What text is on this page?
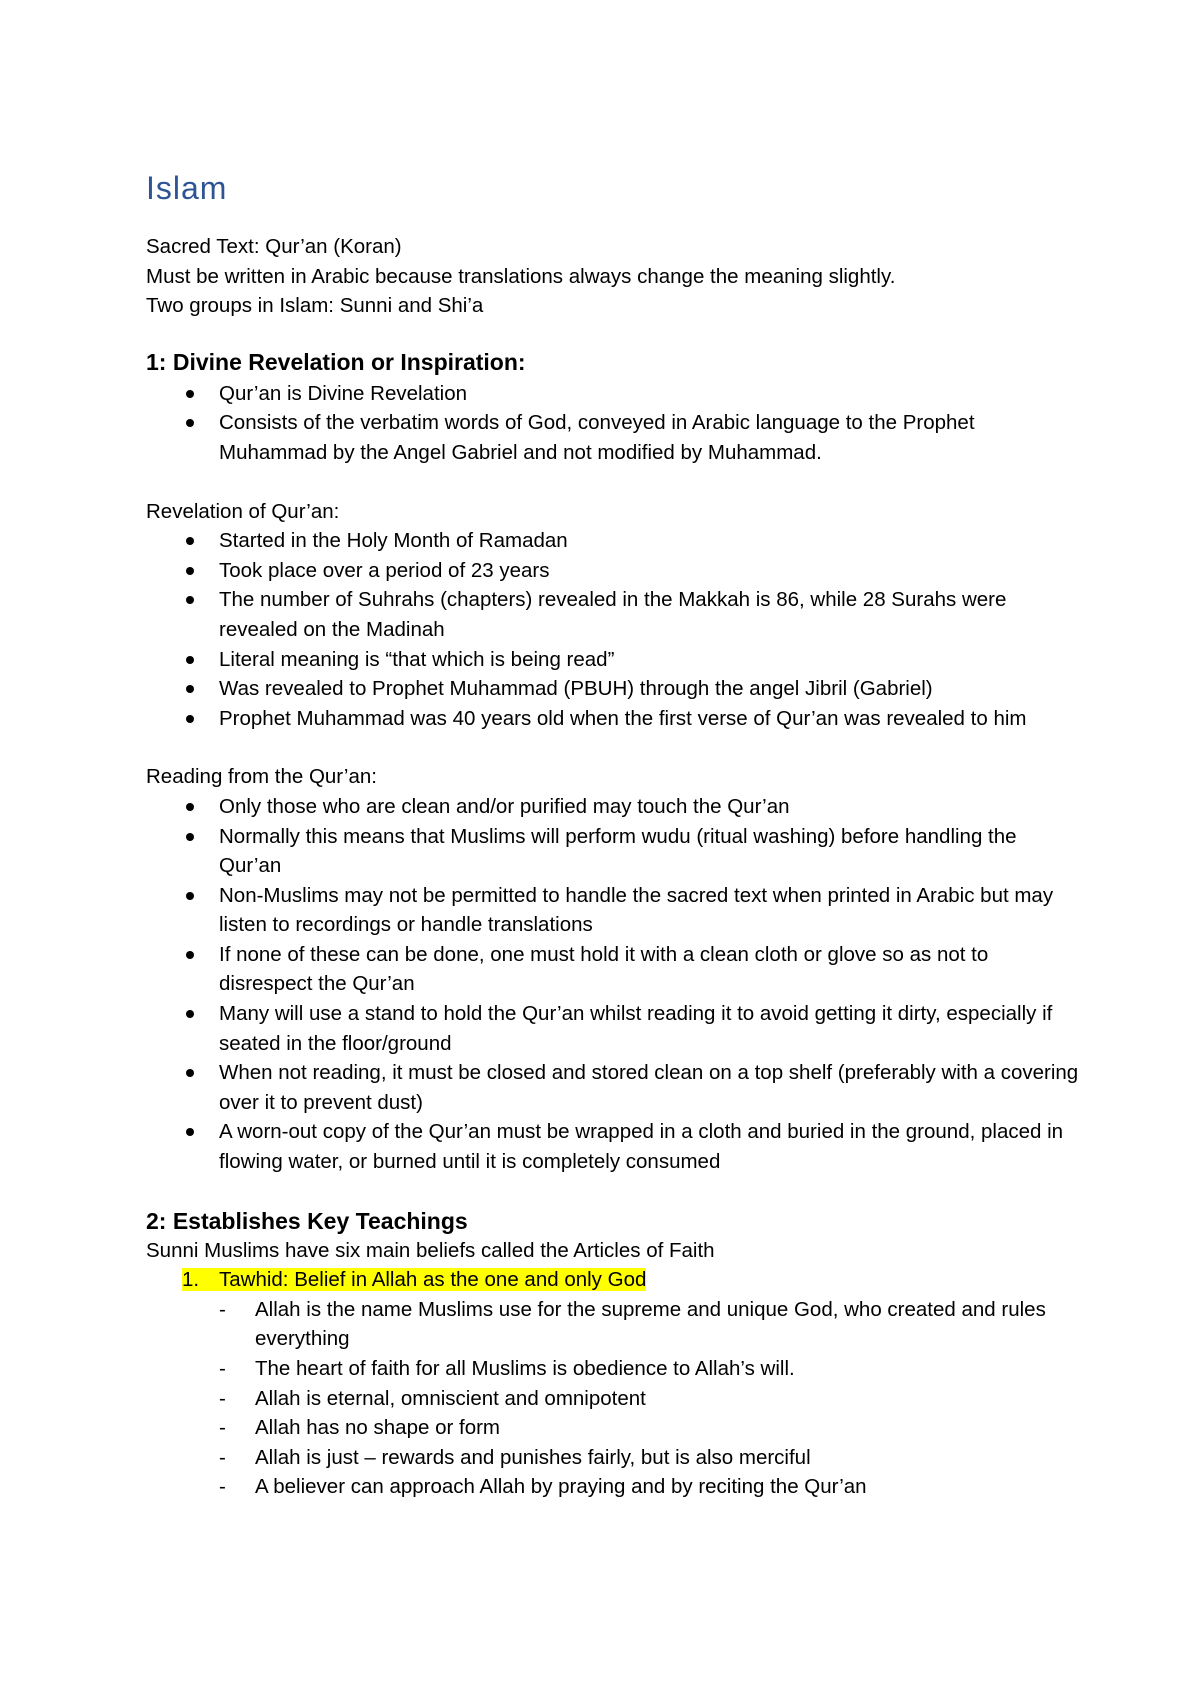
Islam

Sacred Text: Qur’an (Koran)

Must be written in Arabic because translations always change the meaning slightly.

Two groups in Islam: Sunni and Shi’a

1: Divine Revelation or Inspiration:
Qur’an is Divine Revelation
Consists of the verbatim words of God, conveyed in Arabic language to the Prophet Muhammad by the Angel Gabriel and not modified by Muhammad.

Revelation of Qur’an:

Started in the Holy Month of Ramadan
Took place over a period of 23 years
The number of Suhrahs (chapters) revealed in the Makkah is 86, while 28 Surahs were revealed on the Madinah
Literal meaning is “that which is being read”
Was revealed to Prophet Muhammad (PBUH) through the angel Jibril (Gabriel)
Prophet Muhammad was 40 years old when the first verse of Qur’an was revealed to him

Reading from the Qur’an:

Only those who are clean and/or purified may touch the Qur’an
Normally this means that Muslims will perform wudu (ritual washing) before handling the Qur’an
Non-Muslims may not be permitted to handle the sacred text when printed in Arabic but may listen to recordings or handle translations
If none of these can be done, one must hold it with a clean cloth or glove so as not to disrespect the Qur’an
Many will use a stand to hold the Qur’an whilst reading it to avoid getting it dirty, especially if seated in the floor/ground
When not reading, it must be closed and stored clean on a top shelf (preferably with a covering over it to prevent dust)
A worn-out copy of the Qur’an must be wrapped in a cloth and buried in the ground, placed in flowing water, or burned until it is completely consumed
2: Establishes Key Teachings

Sunni Muslims have six main beliefs called the Articles of Faith

1. Tawhid: Belief in Allah as the one and only God
- Allah is the name Muslims use for the supreme and unique God, who created and rules everything
- The heart of faith for all Muslims is obedience to Allah’s will.
- Allah is eternal, omniscient and omnipotent
- Allah has no shape or form
- Allah is just – rewards and punishes fairly, but is also merciful
- A believer can approach Allah by praying and by reciting the Qur’an
